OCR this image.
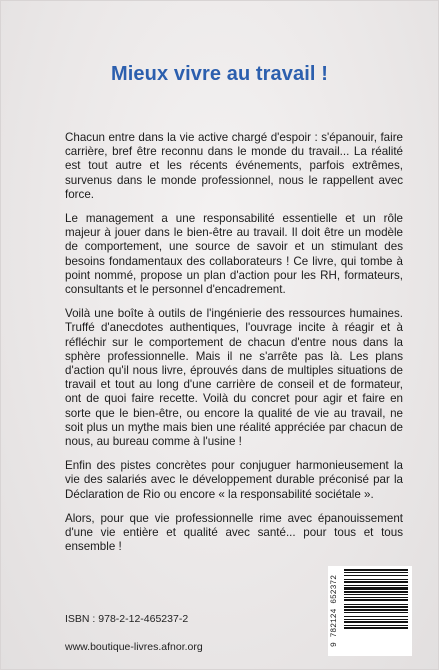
Mieux vivre au travail !

Chacun entre dans la vie active chargé d'espoir : s'épanouir, faire carrière, bref être reconnu dans le monde du travail... La réalité est tout autre et les récents événements, parfois extrêmes, survenus dans le monde professionnel, nous le rappellent avec force.

Le management a une responsabilité essentielle et un rôle majeur à jouer dans le bien-être au travail. Il doit être un modèle de comportement, une source de savoir et un stimulant des besoins fondamentaux des collaborateurs ! Ce livre, qui tombe à point nommé, propose un plan d'action pour les RH, formateurs, consultants et le personnel d'encadrement.

Voilà une boîte à outils de l'ingénierie des ressources humaines. Truffé d'anecdotes authentiques, l'ouvrage incite à réagir et à réfléchir sur le comportement de chacun d'entre nous dans la sphère professionnelle. Mais il ne s'arrête pas là. Les plans d'action qu'il nous livre, éprouvés dans de multiples situations de travail et tout au long d'une carrière de conseil et de formateur, ont de quoi faire recette. Voilà du concret pour agir et faire en sorte que le bien-être, ou encore la qualité de vie au travail, ne soit plus un mythe mais bien une réalité appréciée par chacun de nous, au bureau comme à l'usine !

Enfin des pistes concrètes pour conjuguer harmonieusement la vie des salariés avec le développement durable préconisé par la Déclaration de Rio ou encore « la responsabilité sociétale ».

Alors, pour que vie professionnelle rime avec épanouissement d'une vie entière et qualité avec santé... pour tous et tous ensemble !

ISBN : 978-2-12-465237-2
www.boutique-livres.afnor.org	9 782124 652372
